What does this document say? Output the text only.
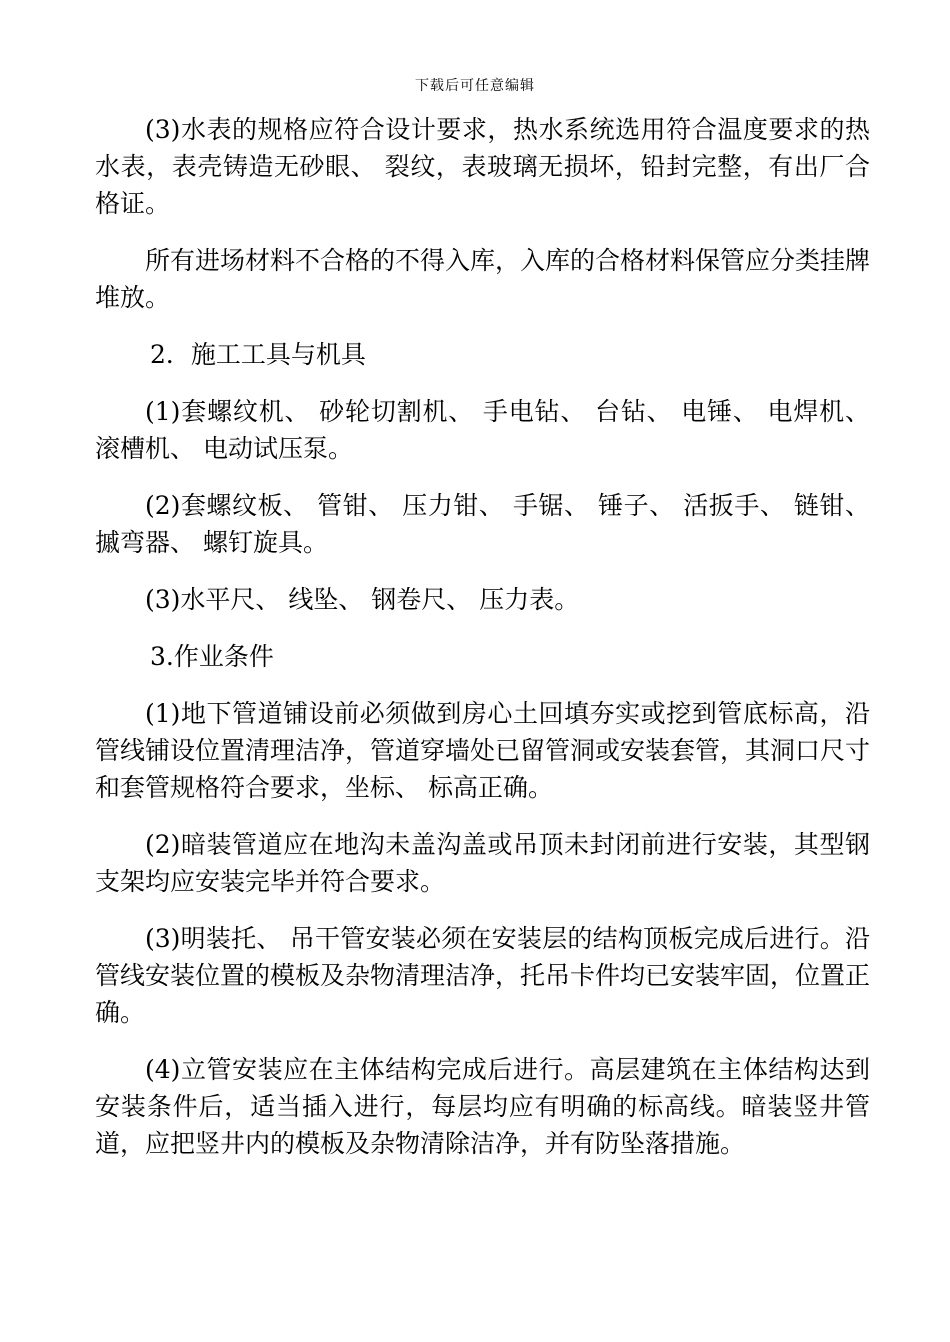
下载后可任意编辑

(3)水表的规格应符合设计要求，热水系统选用符合温度要求的热水表，表壳铸造无砂眼、 裂纹，表玻璃无损坏，铅封完整，有出厂合格证。

所有进场材料不合格的不得入库，入库的合格材料保管应分类挂牌堆放。

2．施工工具与机具

(1)套螺纹机、 砂轮切割机、 手电钻、 台钻、 电锤、 电焊机、 滚槽机、 电动试压泵。

(2)套螺纹板、 管钳、 压力钳、 手锯、 锤子、 活扳手、 链钳、 摵弯器、 螺钉旋具。

(3)水平尺、 线坠、 钢卷尺、 压力表。

3.作业条件

(1)地下管道铺设前必须做到房心土回填夯实或挖到管底标高，沿管线铺设位置清理洁净，管道穿墙处已留管洞或安装套管，其洞口尺寸和套管规格符合要求，坐标、 标高正确。

(2)暗装管道应在地沟未盖沟盖或吊顶未封闭前进行安装，其型钢支架均应安装完毕并符合要求。

(3)明装托、 吊干管安装必须在安装层的结构顶板完成后进行。沿管线安装位置的模板及杂物清理洁净，托吊卡件均已安装牢固，位置正确。

(4)立管安装应在主体结构完成后进行。高层建筑在主体结构达到安装条件后，适当插入进行，每层均应有明确的标高线。暗装竖井管道，应把竖井内的模板及杂物清除洁净，并有防坠落措施。
